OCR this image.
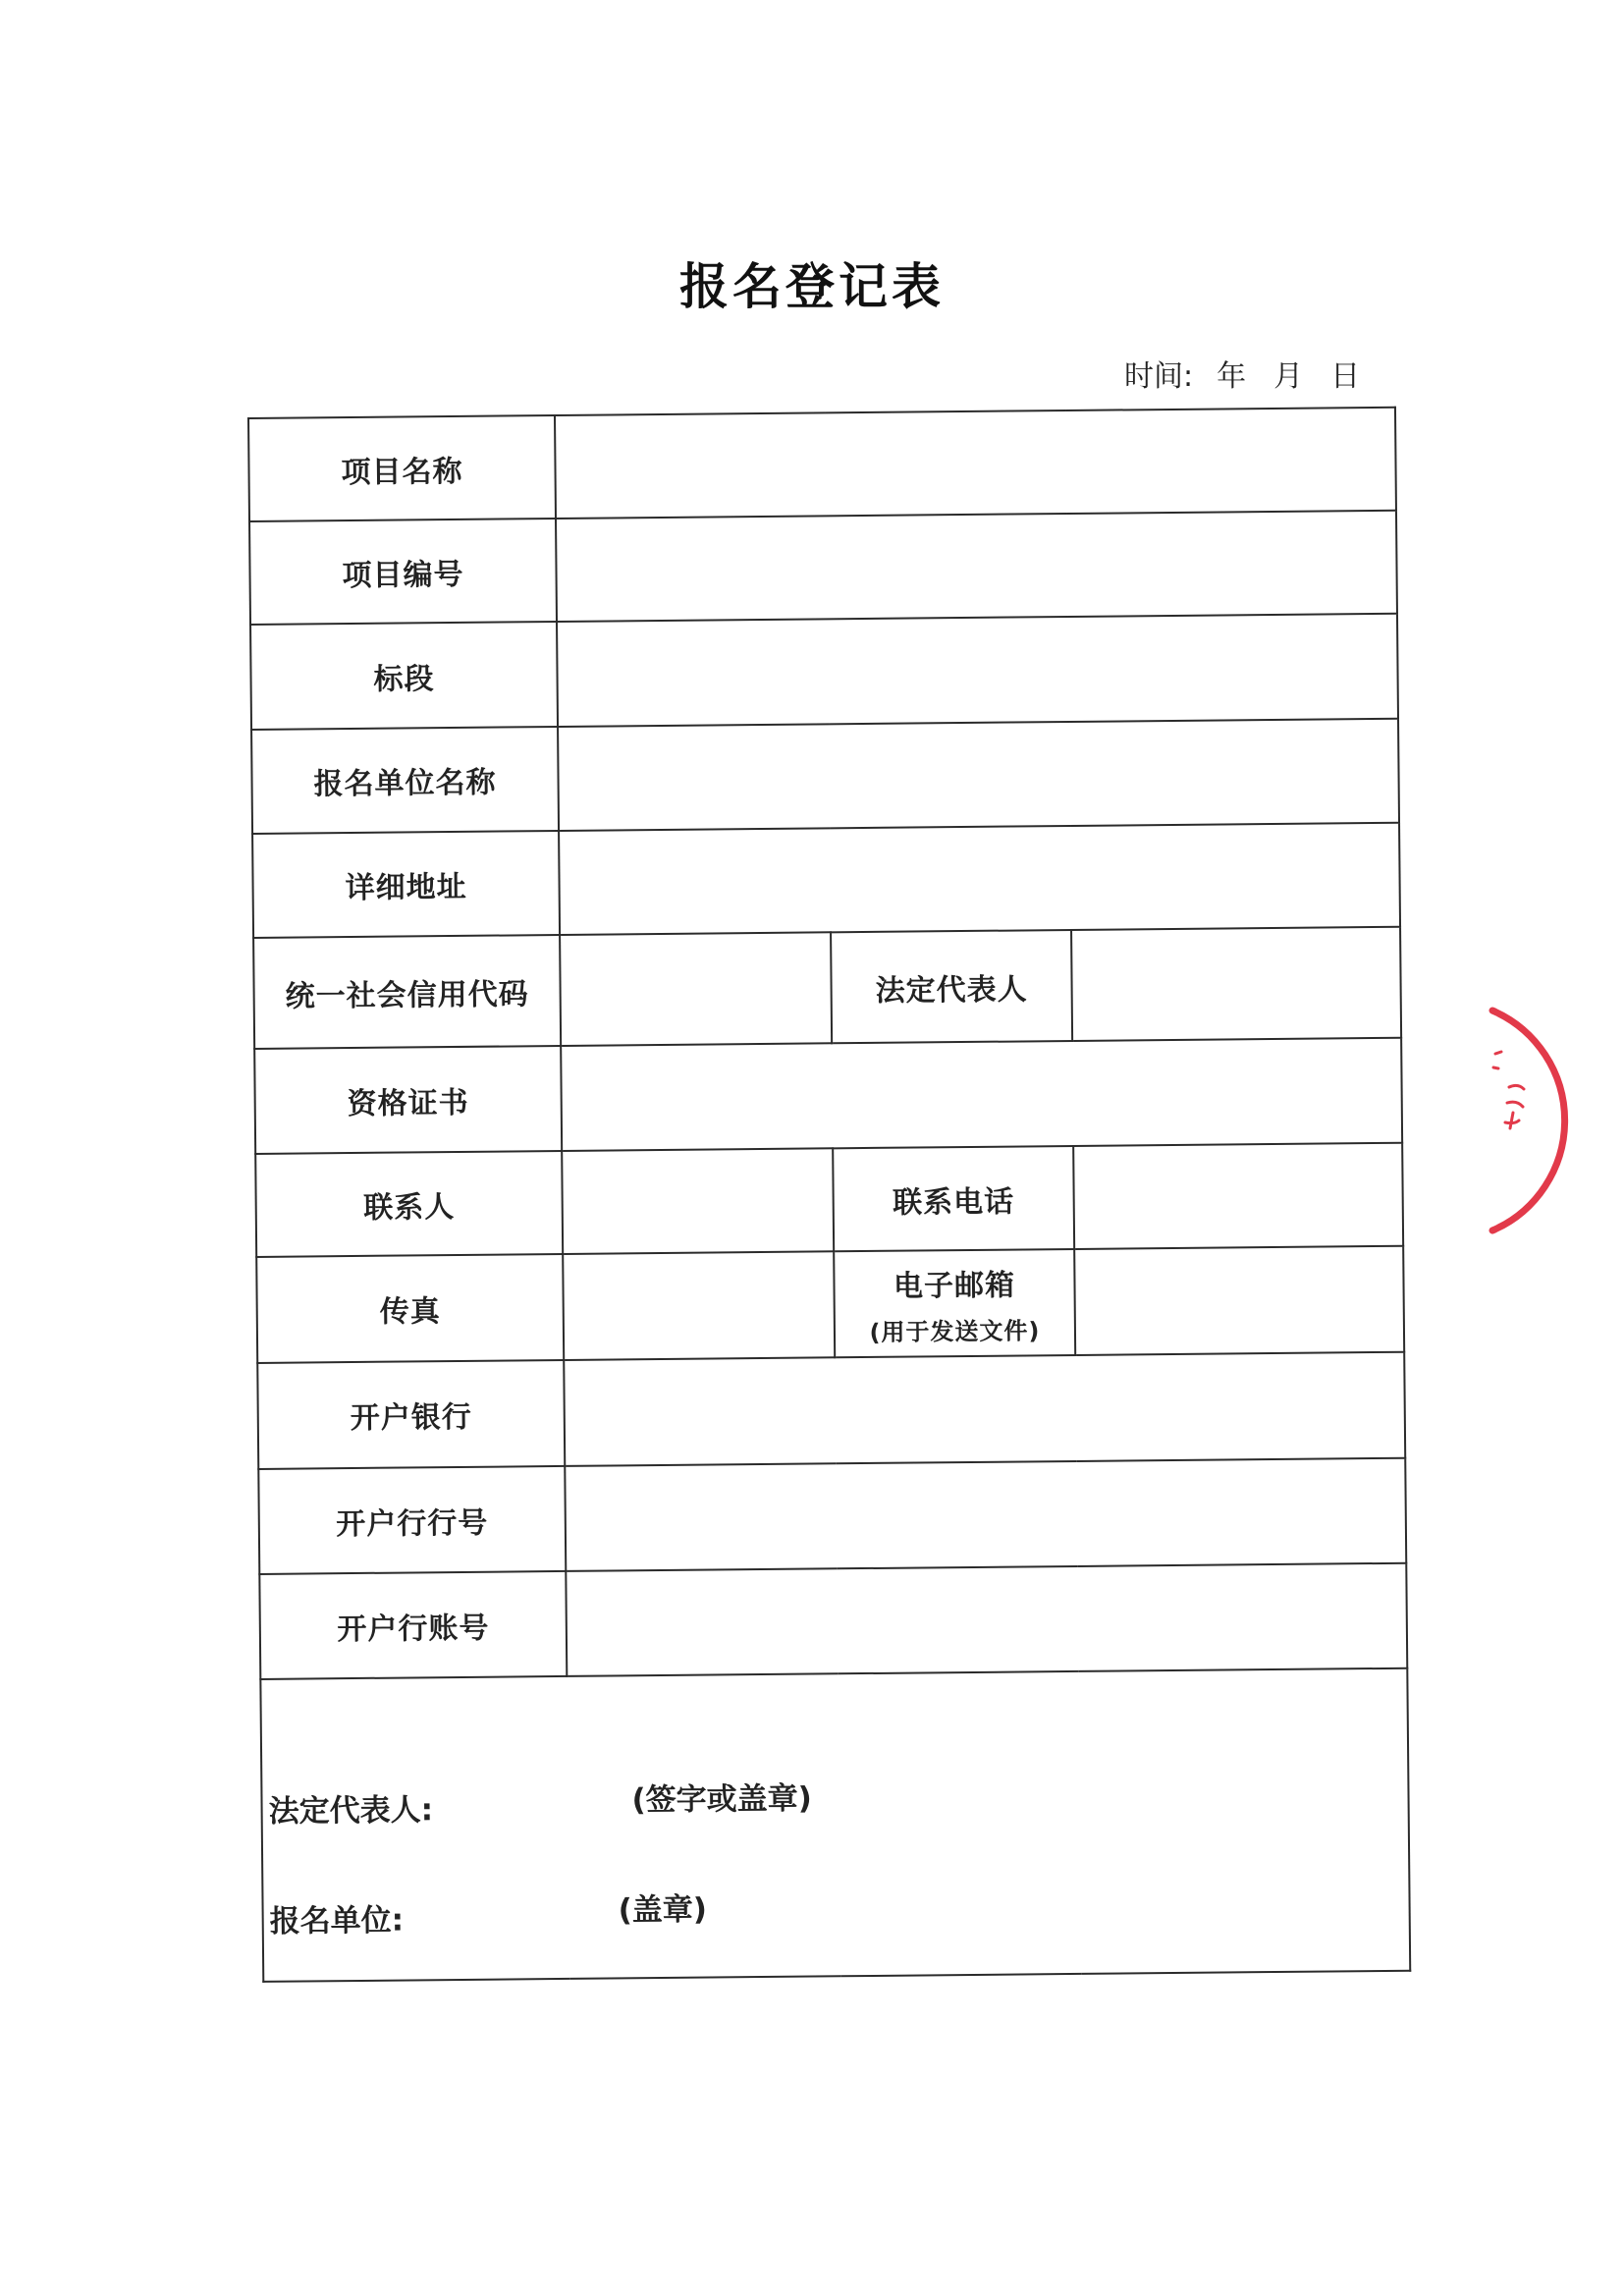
报名登记表
时间: 年 月 日
项目名称			
项目编号			
标段			
报名单位名称			
详细地址			
统一社会信用代码		法定代表人	
资格证书			
联系人		联系电话	
传真		电子邮箱
(用于发送文件)	

开户银行			
开户行行号			
开户行账号			

法定代表人: (签字或盖章)
报名单位: (盖章)			
